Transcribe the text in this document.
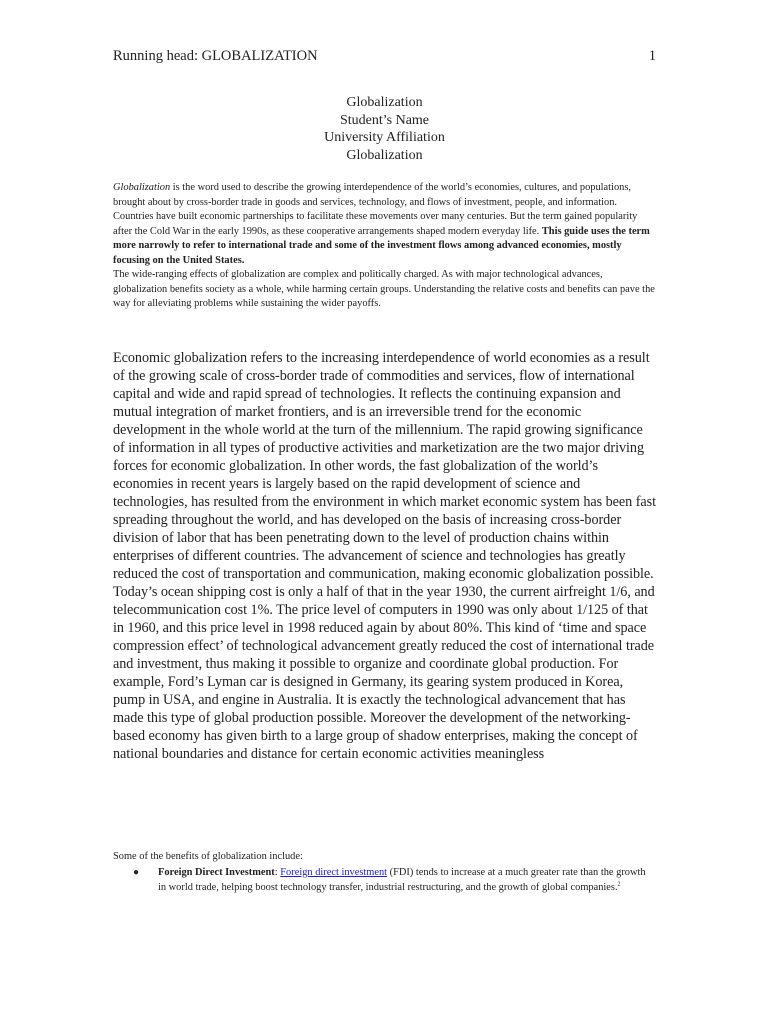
Running head: GLOBALIZATION	1
Globalization
Student’s Name
University Affiliation
Globalization

Globalization is the word used to describe the growing interdependence of the world’s economies, cultures, and populations, brought about by cross-border trade in goods and services, technology, and flows of investment, people, and information. Countries have built economic partnerships to facilitate these movements over many centuries. But the term gained popularity after the Cold War in the early 1990s, as these cooperative arrangements shaped modern everyday life. This guide uses the term more narrowly to refer to international trade and some of the investment flows among advanced economies, mostly focusing on the United States.

The wide-ranging effects of globalization are complex and politically charged. As with major technological advances, globalization benefits society as a whole, while harming certain groups. Understanding the relative costs and benefits can pave the way for alleviating problems while sustaining the wider payoffs.

Economic globalization refers to the increasing interdependence of world economies as a result of the growing scale of cross-border trade of commodities and services, flow of international capital and wide and rapid spread of technologies. It reflects the continuing expansion and mutual integration of market frontiers, and is an irreversible trend for the economic development in the whole world at the turn of the millennium. The rapid growing significance of information in all types of productive activities and marketization are the two major driving forces for economic globalization. In other words, the fast globalization of the world’s economies in recent years is largely based on the rapid development of science and technologies, has resulted from the environment in which market economic system has been fast spreading throughout the world, and has developed on the basis of increasing cross-border division of labor that has been penetrating down to the level of production chains within enterprises of different countries. The advancement of science and technologies has greatly reduced the cost of transportation and communication, making economic globalization possible. Today’s ocean shipping cost is only a half of that in the year 1930, the current airfreight 1/6, and telecommunication cost 1%. The price level of computers in 1990 was only about 1/125 of that in 1960, and this price level in 1998 reduced again by about 80%. This kind of ‘time and space compression effect’ of technological advancement greatly reduced the cost of international trade and investment, thus making it possible to organize and coordinate global production. For example, Ford’s Lyman car is designed in Germany, its gearing system produced in Korea, pump in USA, and engine in Australia. It is exactly the technological advancement that has made this type of global production possible. Moreover the development of the networking-based economy has given birth to a large group of shadow enterprises, making the concept of national boundaries and distance for certain economic activities meaningless

Some of the benefits of globalization include:

●	Foreign Direct Investment: Foreign direct investment (FDI) tends to increase at a much greater rate than the growth in world trade, helping boost technology transfer, industrial restructuring, and the growth of global companies.$^2$
